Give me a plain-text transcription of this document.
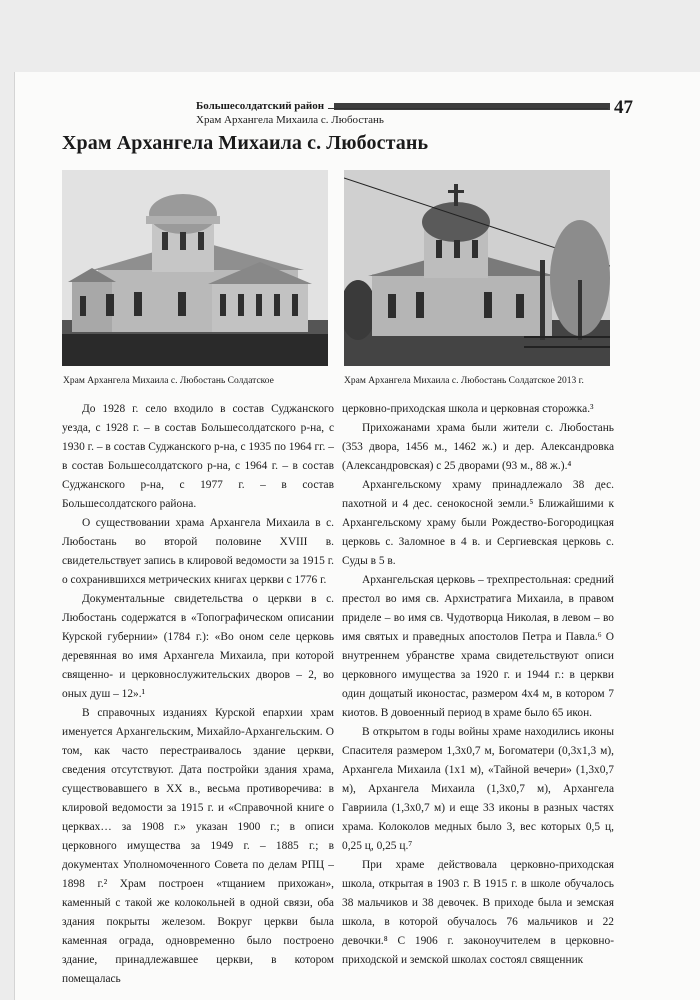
Большесолдатский район
Храм Архангела Михаила с. Любостань
47
Храм Архангела Михаила с. Любостань
Храм Архангела Михаила с. Любостань Солдатское	Храм Архангела Михаила с. Любостань Солдатское 2013 г.

До 1928 г. село входило в состав Суджанского уезда, с 1928 г. – в состав Большесолдатского р-на, с 1930 г. – в состав Суджанского р-на, с 1935 по 1964 гг. – в состав Большесолдатского р-на, с 1964 г. – в состав Суджанского р-на, с 1977 г. – в состав Большесолдатского района.

О существовании храма Архангела Михаила в с. Любостань во второй половине XVIII в. свидетельствует запись в клировой ведомости за 1915 г. о сохранившихся метрических книгах церкви с 1776 г.

Документальные свидетельства о церкви в с. Любостань содержатся в «Топографическом описании Курской губернии» (1784 г.): «Во оном селе церковь деревянная во имя Архангела Михаила, при которой священно- и церковнослужительских дворов – 2, во оных душ – 12».¹

В справочных изданиях Курской епархии храм именуется Архангельским, Михайло-Архангельским. О том, как часто перестраивалось здание церкви, сведения отсутствуют. Дата постройки здания храма, существовавшего в XX в., весьма противоречива: в клировой ведомости за 1915 г. и «Справочной книге о церквах… за 1908 г.» указан 1900 г.; в описи церковного имущества за 1949 г. – 1885 г.; в документах Уполномоченного Совета по делам РПЦ – 1898 г.² Храм построен «тщанием прихожан», каменный с такой же колокольней в одной связи, оба здания покрыты железом. Вокруг церкви была каменная ограда, одновременно было построено здание, принадлежавшее церкви, в котором помещалась

церковно-приходская школа и церковная сторожка.³

Прихожанами храма были жители с. Любостань (353 двора, 1456 м., 1462 ж.) и дер. Александровка (Александровская) с 25 дворами (93 м., 88 ж.).⁴

Архангельскому храму принадлежало 38 дес. пахотной и 4 дес. сенокосной земли.⁵ Ближайшими к Архангельскому храму были Рождество-Богородицкая церковь с. Заломное в 4 в. и Сергиевская церковь с. Суды в 5 в.

Архангельская церковь – трехпрестольная: средний престол во имя св. Архистратига Михаила, в правом приделе – во имя св. Чудотворца Николая, в левом – во имя святых и праведных апостолов Петра и Павла.⁶ О внутреннем убранстве храма свидетельствуют описи церковного имущества за 1920 г. и 1944 г.: в церкви один дощатый иконостас, размером 4х4 м, в котором 7 киотов. В довоенный период в храме было 65 икон.

В открытом в годы войны храме находились иконы Спасителя размером 1,3х0,7 м, Богоматери (0,3х1,3 м), Архангела Михаила (1х1 м), «Тайной вечери» (1,3х0,7 м), Архангела Михаила (1,3х0,7 м), Архангела Гавриила (1,3х0,7 м) и еще 33 иконы в разных частях храма. Колоколов медных было 3, вес которых 0,5 ц, 0,25 ц, 0,25 ц.⁷

При храме действовала церковно-приходская школа, открытая в 1903 г. В 1915 г. в школе обучалось 38 мальчиков и 38 девочек. В приходе была и земская школа, в которой обучалось 76 мальчиков и 22 девочки.⁸ С 1906 г. законоучителем в церковно-приходской и земской школах состоял священник
